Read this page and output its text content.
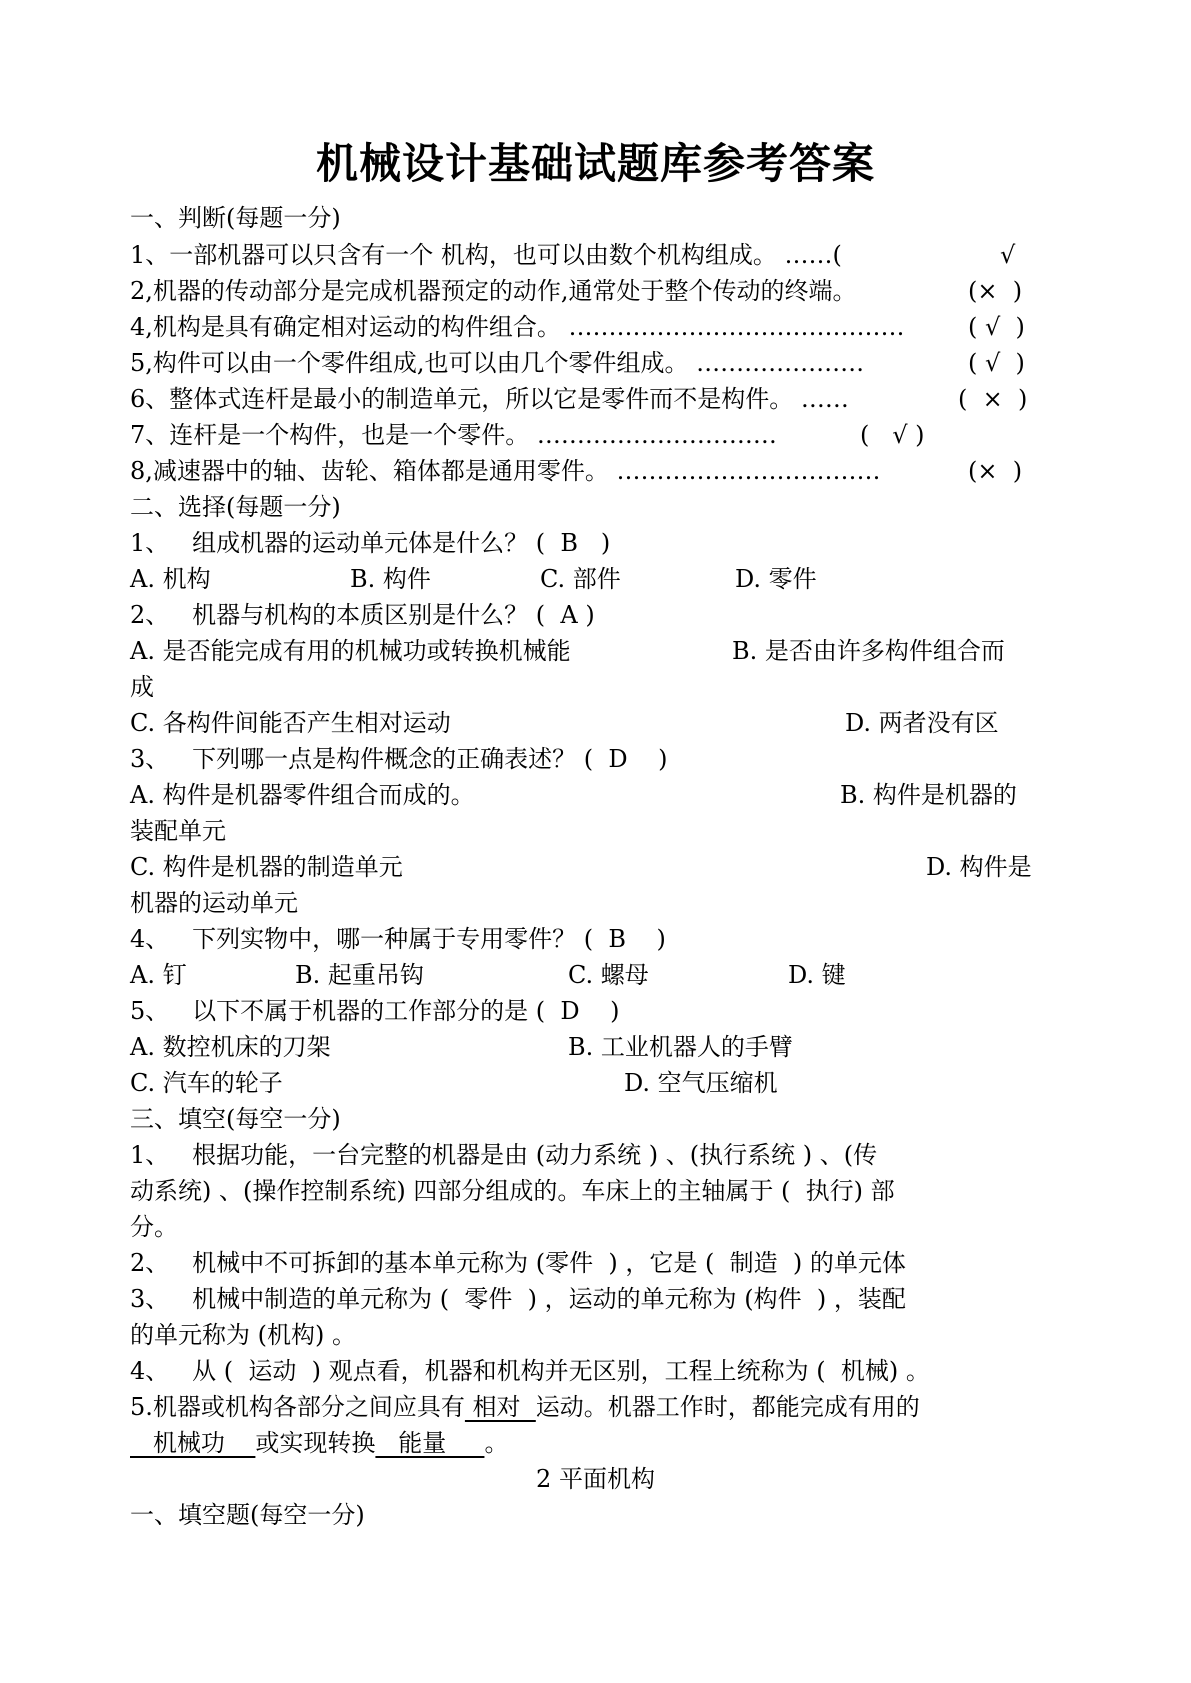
机械设计基础试题库参考答案
一、判断(每题一分)
1、一部机器可以只含有一个 机构，也可以由数个机构组成。 ……(	√
2,机器的传动部分是完成机器预定的动作,通常处于整个传动的终端。	(×  )
4,机构是具有确定相对运动的构件组合。 ……………………………………	( √  )
5,构件可以由一个零件组成,也可以由几个零件组成。 …………………	( √  )
6、整体式连杆是最小的制造单元，所以它是零件而不是构件。 ……	(  ×  )
7、连杆是一个构件，也是一个零件。 …………………………	(   √ )
8,减速器中的轴、齿轮、箱体都是通用零件。 ……………………………	(×  )
二、选择(每题一分)
1、   组成机器的运动单元体是什么？ (  B   )
A. 机构	B. 构件	C. 部件	D. 零件
2、   机器与机构的本质区别是什么？ (  A )
A. 是否能完成有用的机械功或转换机械能	B. 是否由许多构件组合而
成
C. 各构件间能否产生相对运动	D. 两者没有区
3、   下列哪一点是构件概念的正确表述？ (  D    )
A. 构件是机器零件组合而成的。	B. 构件是机器的
装配单元
C. 构件是机器的制造单元	D. 构件是
机器的运动单元
4、   下列实物中，哪一种属于专用零件？ (  B    )
A. 钉	B. 起重吊钩	C. 螺母	D. 键
5、   以下不属于机器的工作部分的是 (  D    )
A. 数控机床的刀架	B. 工业机器人的手臂
C. 汽车的轮子	D. 空气压缩机
三、填空(每空一分)
1、   根据功能，一台完整的机器是由 (动力系统 ) 、(执行系统 ) 、(传
动系统) 、(操作控制系统) 四部分组成的。车床上的主轴属于 (  执行) 部
分。
2、   机械中不可拆卸的基本单元称为 (零件  ) ，它是 (  制造  ) 的单元体
3、   机械中制造的单元称为 (  零件  ) ，运动的单元称为 (构件  ) ，装配
的单元称为 (机构) 。
4、   从 (  运动  ) 观点看，机器和机构并无区别，工程上统称为 (  机械) 。
5.机器或机构各部分之间应具有 相对  运动。机器工作时，都能完成有用的
机械功    或实现转换   能量     。
2 平面机构
一、填空题(每空一分)
